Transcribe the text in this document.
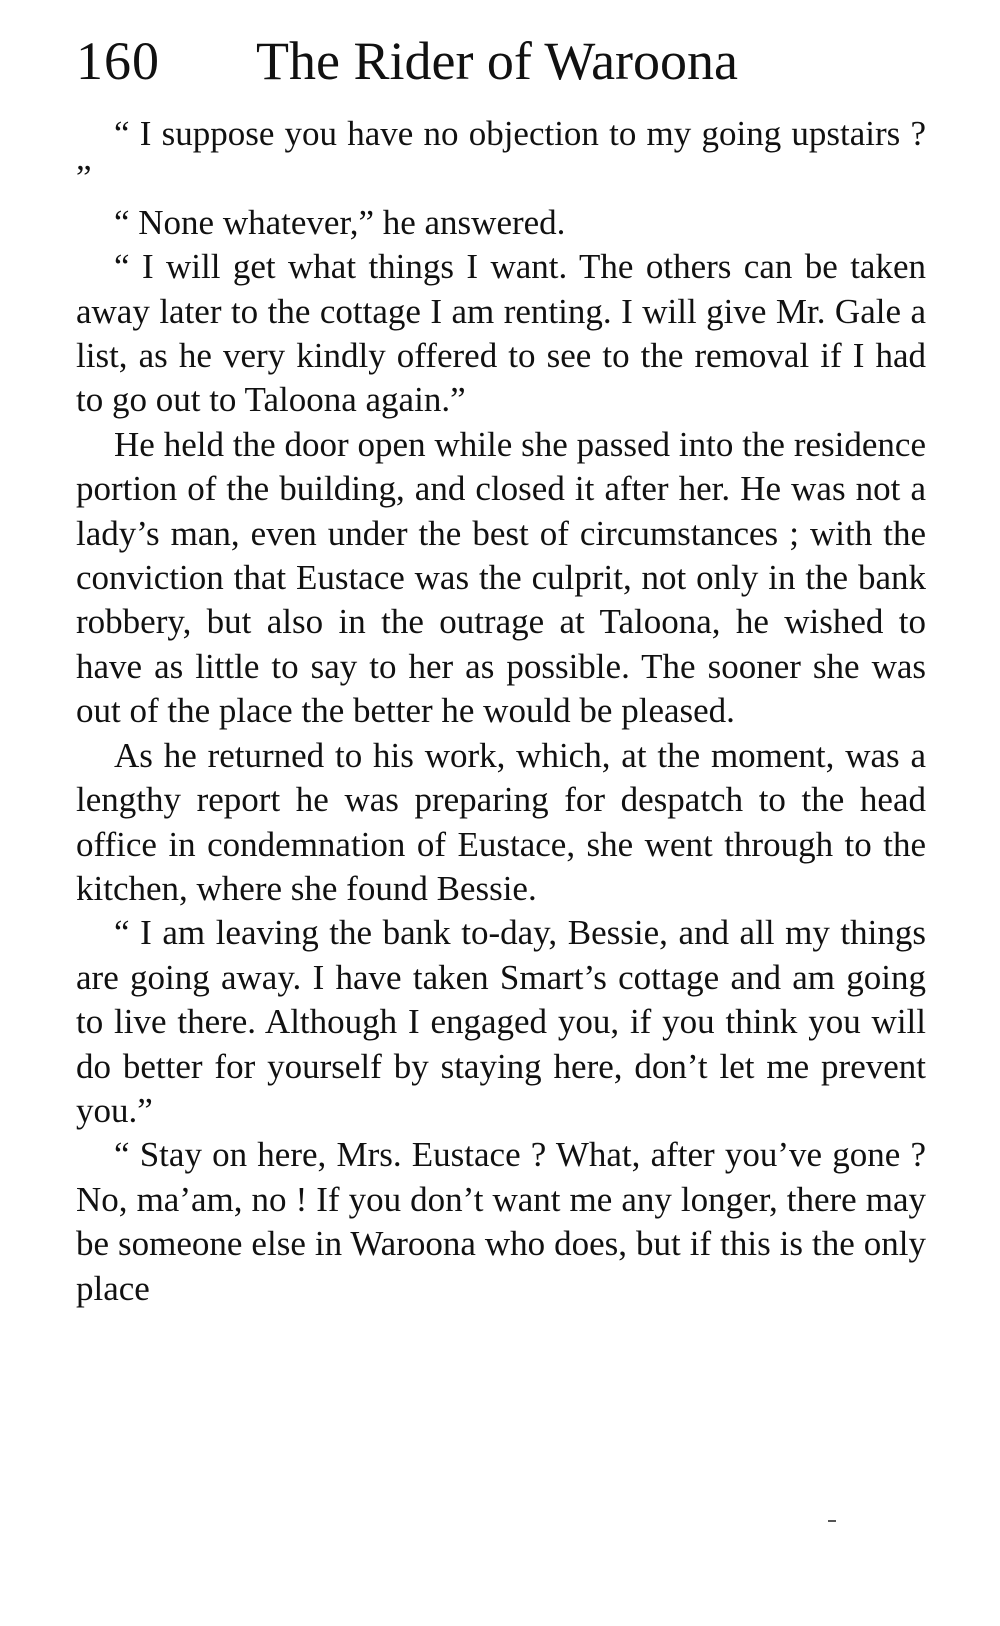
160 The Rider of Waroona

“ I suppose you have no objection to my going upstairs ? ”

“ None whatever,” he answered.

“ I will get what things I want. The others can be taken away later to the cottage I am renting. I will give Mr. Gale a list, as he very kindly offered to see to the removal if I had to go out to Taloona again.”

He held the door open while she passed into the residence portion of the building, and closed it after her. He was not a lady’s man, even under the best of circumstances ; with the conviction that Eustace was the culprit, not only in the bank robbery, but also in the outrage at Taloona, he wished to have as little to say to her as possible. The sooner she was out of the place the better he would be pleased.

As he returned to his work, which, at the moment, was a lengthy report he was preparing for despatch to the head office in condemnation of Eustace, she went through to the kitchen, where she found Bessie.

“ I am leaving the bank to-day, Bessie, and all my things are going away. I have taken Smart’s cottage and am going to live there. Although I engaged you, if you think you will do better for yourself by staying here, don’t let me prevent you.”

“ Stay on here, Mrs. Eustace ? What, after you’ve gone ? No, ma’am, no ! If you don’t want me any longer, there may be someone else in Waroona who does, but if this is the only place
